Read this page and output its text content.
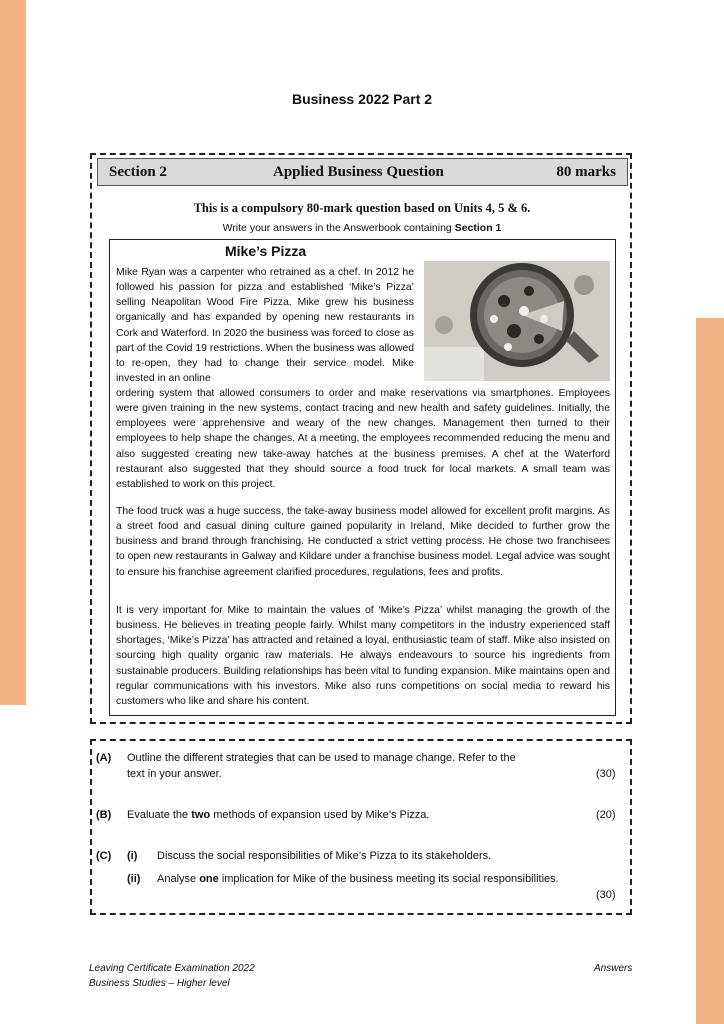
Business 2022 Part 2
Section 2	Applied Business Question	80 marks
This is a compulsory 80-mark question based on Units 4, 5 & 6.
Write your answers in the Answerbook containing Section 1
Mike’s Pizza

Mike Ryan was a carpenter who retrained as a chef. In 2012 he followed his passion for pizza and established ‘Mike’s Pizza’ selling Neapolitan Wood Fire Pizza. Mike grew his business organically and has expanded by opening new restaurants in Cork and Waterford. In 2020 the business was forced to close as part of the Covid 19 restrictions. When the business was allowed to re-open, they had to change their service model. Mike invested in an online

ordering system that allowed consumers to order and make reservations via smartphones. Employees were given training in the new systems, contact tracing and new health and safety guidelines. Initially, the employees were apprehensive and weary of the new changes. Management then turned to their employees to help shape the changes. At a meeting, the employees recommended reducing the menu and also suggested creating new take-away hatches at the business premises. A chef at the Waterford restaurant also suggested that they should source a food truck for local markets. A small team was established to work on this project.

The food truck was a huge success, the take-away business model allowed for excellent profit margins. As a street food and casual dining culture gained popularity in Ireland, Mike decided to further grow the business and brand through franchising. He conducted a strict vetting process. He chose two franchisees to open new restaurants in Galway and Kildare under a franchise business model. Legal advice was sought to ensure his franchise agreement clarified procedures, regulations, fees and profits.

It is very important for Mike to maintain the values of ‘Mike’s Pizza’ whilst managing the growth of the business. He believes in treating people fairly. Whilst many competitors in the industry experienced staff shortages, ‘Mike’s Pizza’ has attracted and retained a loyal, enthusiastic team of staff. Mike also insisted on sourcing high quality organic raw materials. He always endeavours to source his ingredients from sustainable producers. Building relationships has been vital to funding expansion. Mike maintains open and regular communications with his investors. Mike also runs competitions on social media to reward his customers who like and share his content.

(A) Outline the different strategies that can be used to manage change. Refer to the
text in your answer.	(30)
(B) Evaluate the two methods of expansion used by Mike’s Pizza.	(20)
(C) (i) Discuss the social responsibilities of Mike’s Pizza to its stakeholders.
(ii) Analyse one implication for Mike of the business meeting its social responsibilities.
(30)
Leaving Certificate Examination 2022
Business Studies – Higher level
Answers
